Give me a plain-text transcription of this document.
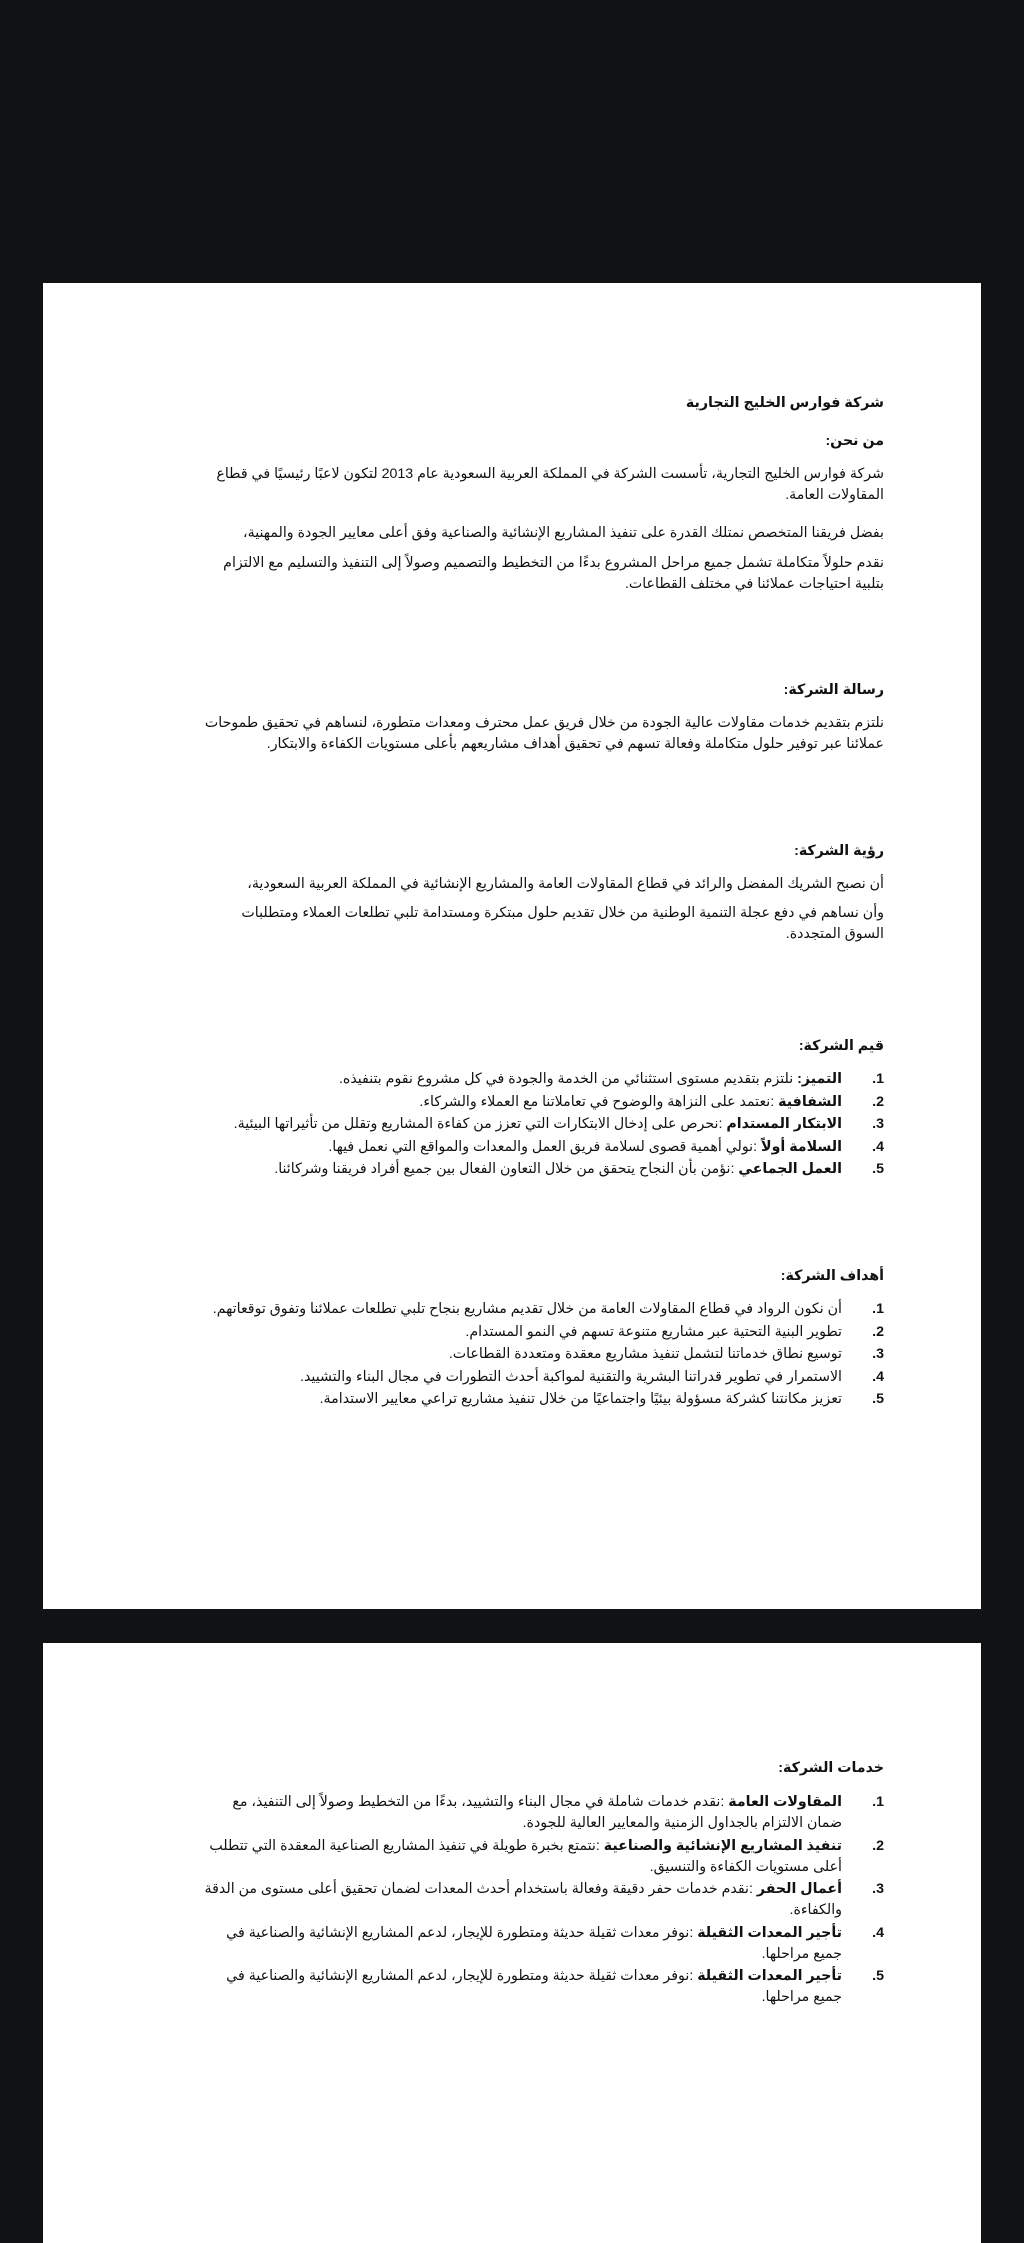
شركة فوارس الخليج التجارية
من نحن:

شركة فوارس الخليج التجارية، تأسست الشركة في المملكة العربية السعودية عام 2013 لتكون لاعبًا رئيسيًا في قطاع المقاولات العامة.

بفضل فريقنا المتخصص نمتلك القدرة على تنفيذ المشاريع الإنشائية والصناعية وفق أعلى معايير الجودة والمهنية،

نقدم حلولاً متكاملة تشمل جميع مراحل المشروع بدءًا من التخطيط والتصميم وصولاً إلى التنفيذ والتسليم مع الالتزام بتلبية احتياجات عملائنا في مختلف القطاعات.

رسالة الشركة:

نلتزم بتقديم خدمات مقاولات عالية الجودة من خلال فريق عمل محترف ومعدات متطورة، لنساهم في تحقيق طموحات عملائنا عبر توفير حلول متكاملة وفعالة تسهم في تحقيق أهداف مشاريعهم بأعلى مستويات الكفاءة والابتكار.

رؤية الشركة:

أن نصبح الشريك المفضل والرائد في قطاع المقاولات العامة والمشاريع الإنشائية في المملكة العربية السعودية،

وأن نساهم في دفع عجلة التنمية الوطنية من خلال تقديم حلول مبتكرة ومستدامة تلبي تطلعات العملاء ومتطلبات السوق المتجددة.

قيم الشركة:
1.
التميز: نلتزم بتقديم مستوى استثنائي من الخدمة والجودة في كل مشروع نقوم بتنفيذه.
2.
الشفافية :نعتمد على النزاهة والوضوح في تعاملاتنا مع العملاء والشركاء.
3.
الابتكار المستدام :نحرص على إدخال الابتكارات التي تعزز من كفاءة المشاريع وتقلل من تأثيراتها البيئية.
4.
السلامة أولاً :نولي أهمية قصوى لسلامة فريق العمل والمعدات والمواقع التي نعمل فيها.
5.
العمل الجماعي :نؤمن بأن النجاح يتحقق من خلال التعاون الفعال بين جميع أفراد فريقنا وشركائنا.
أهداف الشركة:
1.
أن نكون الرواد في قطاع المقاولات العامة من خلال تقديم مشاريع بنجاح تلبي تطلعات عملائنا وتفوق توقعاتهم.
2.
تطوير البنية التحتية عبر مشاريع متنوعة تسهم في النمو المستدام.
3.
توسيع نطاق خدماتنا لتشمل تنفيذ مشاريع معقدة ومتعددة القطاعات.
4.
الاستمرار في تطوير قدراتنا البشرية والتقنية لمواكبة أحدث التطورات في مجال البناء والتشييد.
5.
تعزيز مكانتنا كشركة مسؤولة بيئيًا واجتماعيًا من خلال تنفيذ مشاريع تراعي معايير الاستدامة.
خدمات الشركة:
1.
المقاولات العامة :نقدم خدمات شاملة في مجال البناء والتشييد، بدءًا من التخطيط وصولاً إلى التنفيذ، مع ضمان الالتزام بالجداول الزمنية والمعايير العالية للجودة.
2.
تنفيذ المشاريع الإنشائية والصناعية :نتمتع بخبرة طويلة في تنفيذ المشاريع الصناعية المعقدة التي تتطلب أعلى مستويات الكفاءة والتنسيق.
3.
أعمال الحفر :نقدم خدمات حفر دقيقة وفعالة باستخدام أحدث المعدات لضمان تحقيق أعلى مستوى من الدقة والكفاءة.
4.
تأجير المعدات الثقيلة :نوفر معدات ثقيلة حديثة ومتطورة للإيجار، لدعم المشاريع الإنشائية والصناعية في جميع مراحلها.
5.
تأجير المعدات الثقيلة :نوفر معدات ثقيلة حديثة ومتطورة للإيجار، لدعم المشاريع الإنشائية والصناعية في جميع مراحلها.
